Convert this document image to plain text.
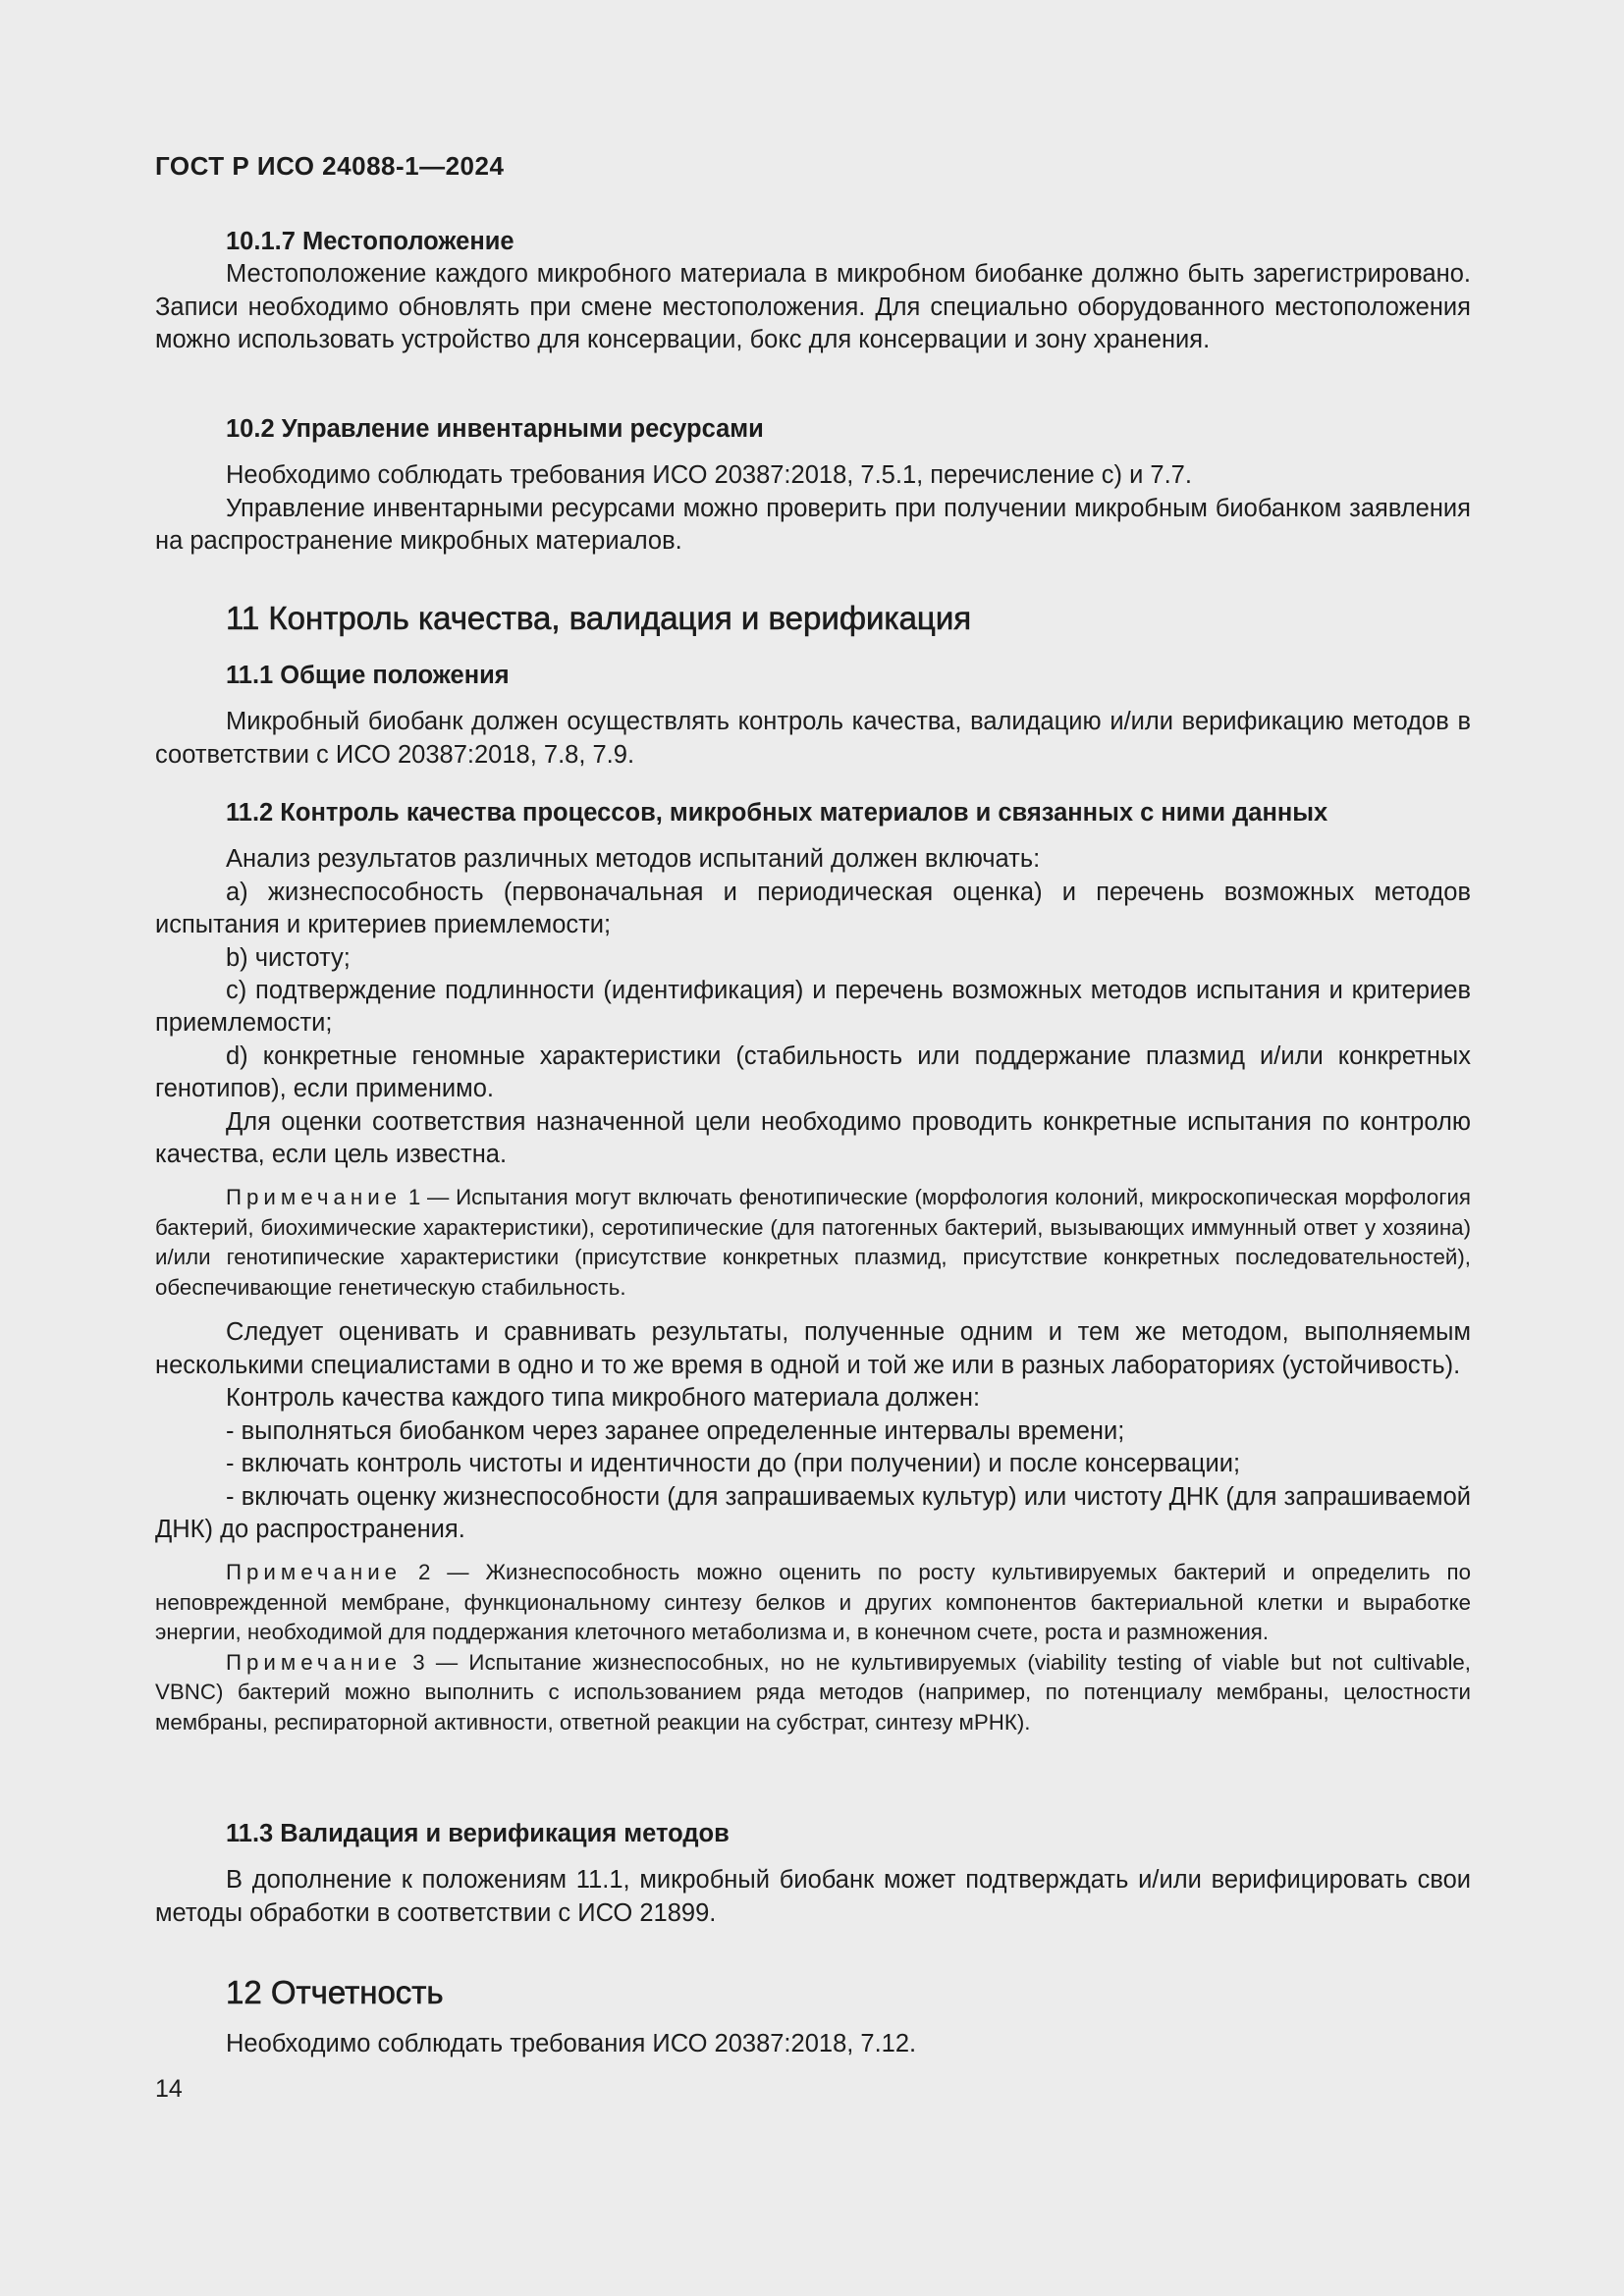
ГОСТ Р ИСО 24088-1—2024

10.1.7 Местоположение

Местоположение каждого микробного материала в микробном биобанке должно быть зарегистрировано. Записи необходимо обновлять при смене местоположения. Для специально оборудованного местоположения можно использовать устройство для консервации, бокс для консервации и зону хранения.

10.2 Управление инвентарными ресурсами

Необходимо соблюдать требования ИСО 20387:2018, 7.5.1, перечисление с) и 7.7.

Управление инвентарными ресурсами можно проверить при получении микробным биобанком заявления на распространение микробных материалов.

11 Контроль качества, валидация и верификация

11.1 Общие положения

Микробный биобанк должен осуществлять контроль качества, валидацию и/или верификацию методов в соответствии с ИСО 20387:2018, 7.8, 7.9.

11.2 Контроль качества процессов, микробных материалов и связанных с ними данных

Анализ результатов различных методов испытаний должен включать:

a) жизнеспособность (первоначальная и периодическая оценка) и перечень возможных методов испытания и критериев приемлемости;

b) чистоту;

c) подтверждение подлинности (идентификация) и перечень возможных методов испытания и критериев приемлемости;

d) конкретные геномные характеристики (стабильность или поддержание плазмид и/или конкретных генотипов), если применимо.

Для оценки соответствия назначенной цели необходимо проводить конкретные испытания по контролю качества, если цель известна.

Примечание 1 — Испытания могут включать фенотипические (морфология колоний, микроскопическая морфология бактерий, биохимические характеристики), серотипические (для патогенных бактерий, вызывающих иммунный ответ у хозяина) и/или генотипические характеристики (присутствие конкретных плазмид, присутствие конкретных последовательностей), обеспечивающие генетическую стабильность.

Следует оценивать и сравнивать результаты, полученные одним и тем же методом, выполняемым несколькими специалистами в одно и то же время в одной и той же или в разных лабораториях (устойчивость).

Контроль качества каждого типа микробного материала должен:

- выполняться биобанком через заранее определенные интервалы времени;

- включать контроль чистоты и идентичности до (при получении) и после консервации;

- включать оценку жизнеспособности (для запрашиваемых культур) или чистоту ДНК (для запрашиваемой ДНК) до распространения.

Примечание 2 — Жизнеспособность можно оценить по росту культивируемых бактерий и определить по неповрежденной мембране, функциональному синтезу белков и других компонентов бактериальной клетки и выработке энергии, необходимой для поддержания клеточного метаболизма и, в конечном счете, роста и размножения.

Примечание 3 — Испытание жизнеспособных, но не культивируемых (viability testing of viable but not cultivable, VBNC) бактерий можно выполнить с использованием ряда методов (например, по потенциалу мембраны, целостности мембраны, респираторной активности, ответной реакции на субстрат, синтезу мРНК).

11.3 Валидация и верификация методов

В дополнение к положениям 11.1, микробный биобанк может подтверждать и/или верифицировать свои методы обработки в соответствии с ИСО 21899.

12 Отчетность

Необходимо соблюдать требования ИСО 20387:2018, 7.12.

14
